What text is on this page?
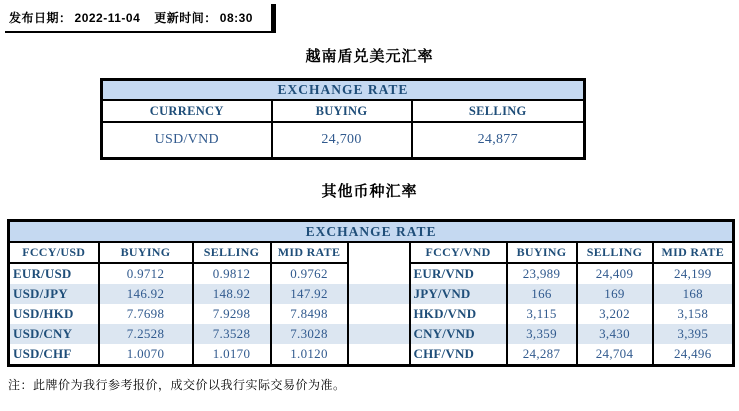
发布日期： 2022-11-04 更新时间： 08:30
越南盾兑美元汇率
EXCHANGE RATE		
CURRENCY	BUYING	SELLING
USD/VND	24,700	24,877
其他币种汇率
EXCHANGE RATE								
FCCY/USD	BUYING	SELLING	MID RATE		FCCY/VND	BUYING	SELLING	MID RATE
EUR/USD	0.9712	0.9812	0.9762		EUR/VND	23,989	24,409	24,199
USD/JPY	146.92	148.92	147.92		JPY/VND	166	169	168
USD/HKD	7.7698	7.9298	7.8498		HKD/VND	3,115	3,202	3,158
USD/CNY	7.2528	7.3528	7.3028		CNY/VND	3,359	3,430	3,395
USD/CHF	1.0070	1.0170	1.0120		CHF/VND	24,287	24,704	24,496
注：此牌价为我行参考报价，成交价以我行实际交易价为准。
